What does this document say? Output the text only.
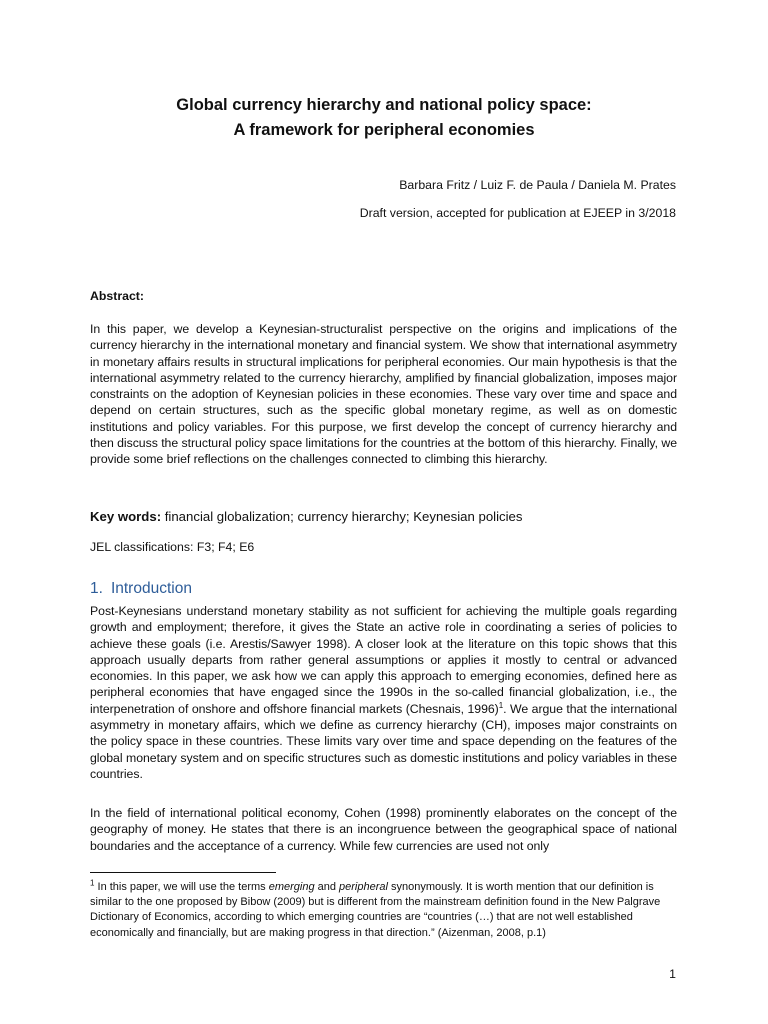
Global currency hierarchy and national policy space:
A framework for peripheral economies
Barbara Fritz / Luiz F. de Paula / Daniela M. Prates
Draft version, accepted for publication at EJEEP in 3/2018
Abstract:

In this paper, we develop a Keynesian-structuralist perspective on the origins and implications of the currency hierarchy in the international monetary and financial system. We show that international asymmetry in monetary affairs results in structural implications for peripheral economies. Our main hypothesis is that the international asymmetry related to the currency hierarchy, amplified by financial globalization, imposes major constraints on the adoption of Keynesian policies in these economies. These vary over time and space and depend on certain structures, such as the specific global monetary regime, as well as on domestic institutions and policy variables. For this purpose, we first develop the concept of currency hierarchy and then discuss the structural policy space limitations for the countries at the bottom of this hierarchy. Finally, we provide some brief reflections on the challenges connected to climbing this hierarchy.

Key words: financial globalization; currency hierarchy; Keynesian policies
JEL classifications: F3; F4; E6
1. Introduction

Post-Keynesians understand monetary stability as not sufficient for achieving the multiple goals regarding growth and employment; therefore, it gives the State an active role in coordinating a series of policies to achieve these goals (i.e. Arestis/Sawyer 1998). A closer look at the literature on this topic shows that this approach usually departs from rather general assumptions or applies it mostly to central or advanced economies. In this paper, we ask how we can apply this approach to emerging economies, defined here as peripheral economies that have engaged since the 1990s in the so-called financial globalization, i.e., the interpenetration of onshore and offshore financial markets (Chesnais, 1996)$^1$. We argue that the international asymmetry in monetary affairs, which we define as currency hierarchy (CH), imposes major constraints on the policy space in these countries. These limits vary over time and space depending on the features of the global monetary system and on specific structures such as domestic institutions and policy variables in these countries.

In the field of international political economy, Cohen (1998) prominently elaborates on the concept of the geography of money. He states that there is an incongruence between the geographical space of national boundaries and the acceptance of a currency. While few currencies are used not only

$^1$ In this paper, we will use the terms emerging and peripheral synonymously. It is worth mention that our definition is similar to the one proposed by Bibow (2009) but is different from the mainstream definition found in the New Palgrave Dictionary of Economics, according to which emerging countries are “countries (…) that are not well established economically and financially, but are making progress in that direction.” (Aizenman, 2008, p.1)

1
